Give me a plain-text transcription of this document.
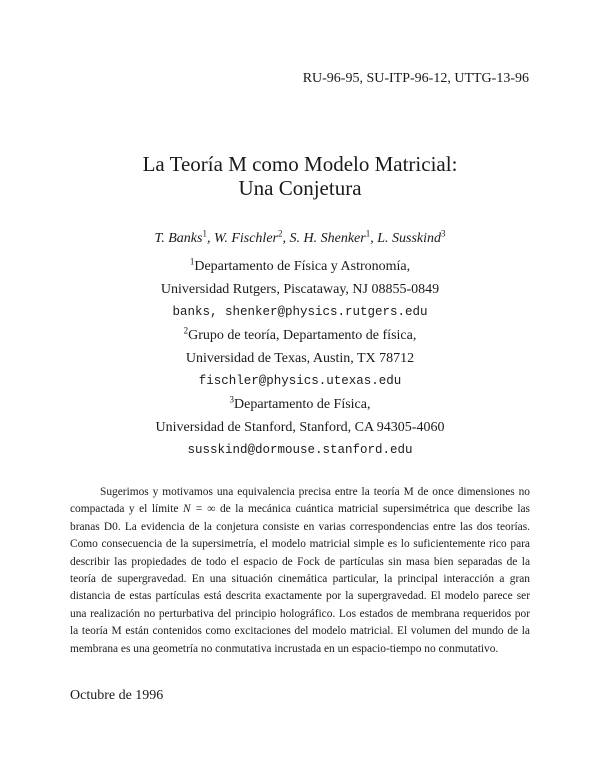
RU-96-95, SU-ITP-96-12, UTTG-13-96
La Teoría M como Modelo Matricial:
Una Conjetura
T. Banks$^1$, W. Fischler$^2$, S. H. Shenker$^1$, L. Susskind$^3$
$^1$Departamento de Física y Astronomía,
Universidad Rutgers, Piscataway, NJ 08855-0849
banks, shenker@physics.rutgers.edu
$^2$Grupo de teoría, Departamento de física,
Universidad de Texas, Austin, TX 78712
fischler@physics.utexas.edu
$^3$Departamento de Física,
Universidad de Stanford, Stanford, CA 94305-4060
susskind@dormouse.stanford.edu

Sugerimos y motivamos una equivalencia precisa entre la teoría M de once dimensiones no compactada y el límite N = ∞ de la mecánica cuántica matricial supersimétrica que describe las branas D0. La evidencia de la conjetura consiste en varias correspondencias entre las dos teorías. Como consecuencia de la supersimetría, el modelo matricial simple es lo suficientemente rico para describir las propiedades de todo el espacio de Fock de partículas sin masa bien separadas de la teoría de supergravedad. En una situación cinemática particular, la principal interacción a gran distancia de estas partículas está descrita exactamente por la supergravedad. El modelo parece ser una realización no perturbativa del principio holográfico. Los estados de membrana requeridos por la teoría M están contenidos como excitaciones del modelo matricial. El volumen del mundo de la membrana es una geometría no conmutativa incrustada en un espacio-tiempo no conmutativo.

Octubre de 1996
